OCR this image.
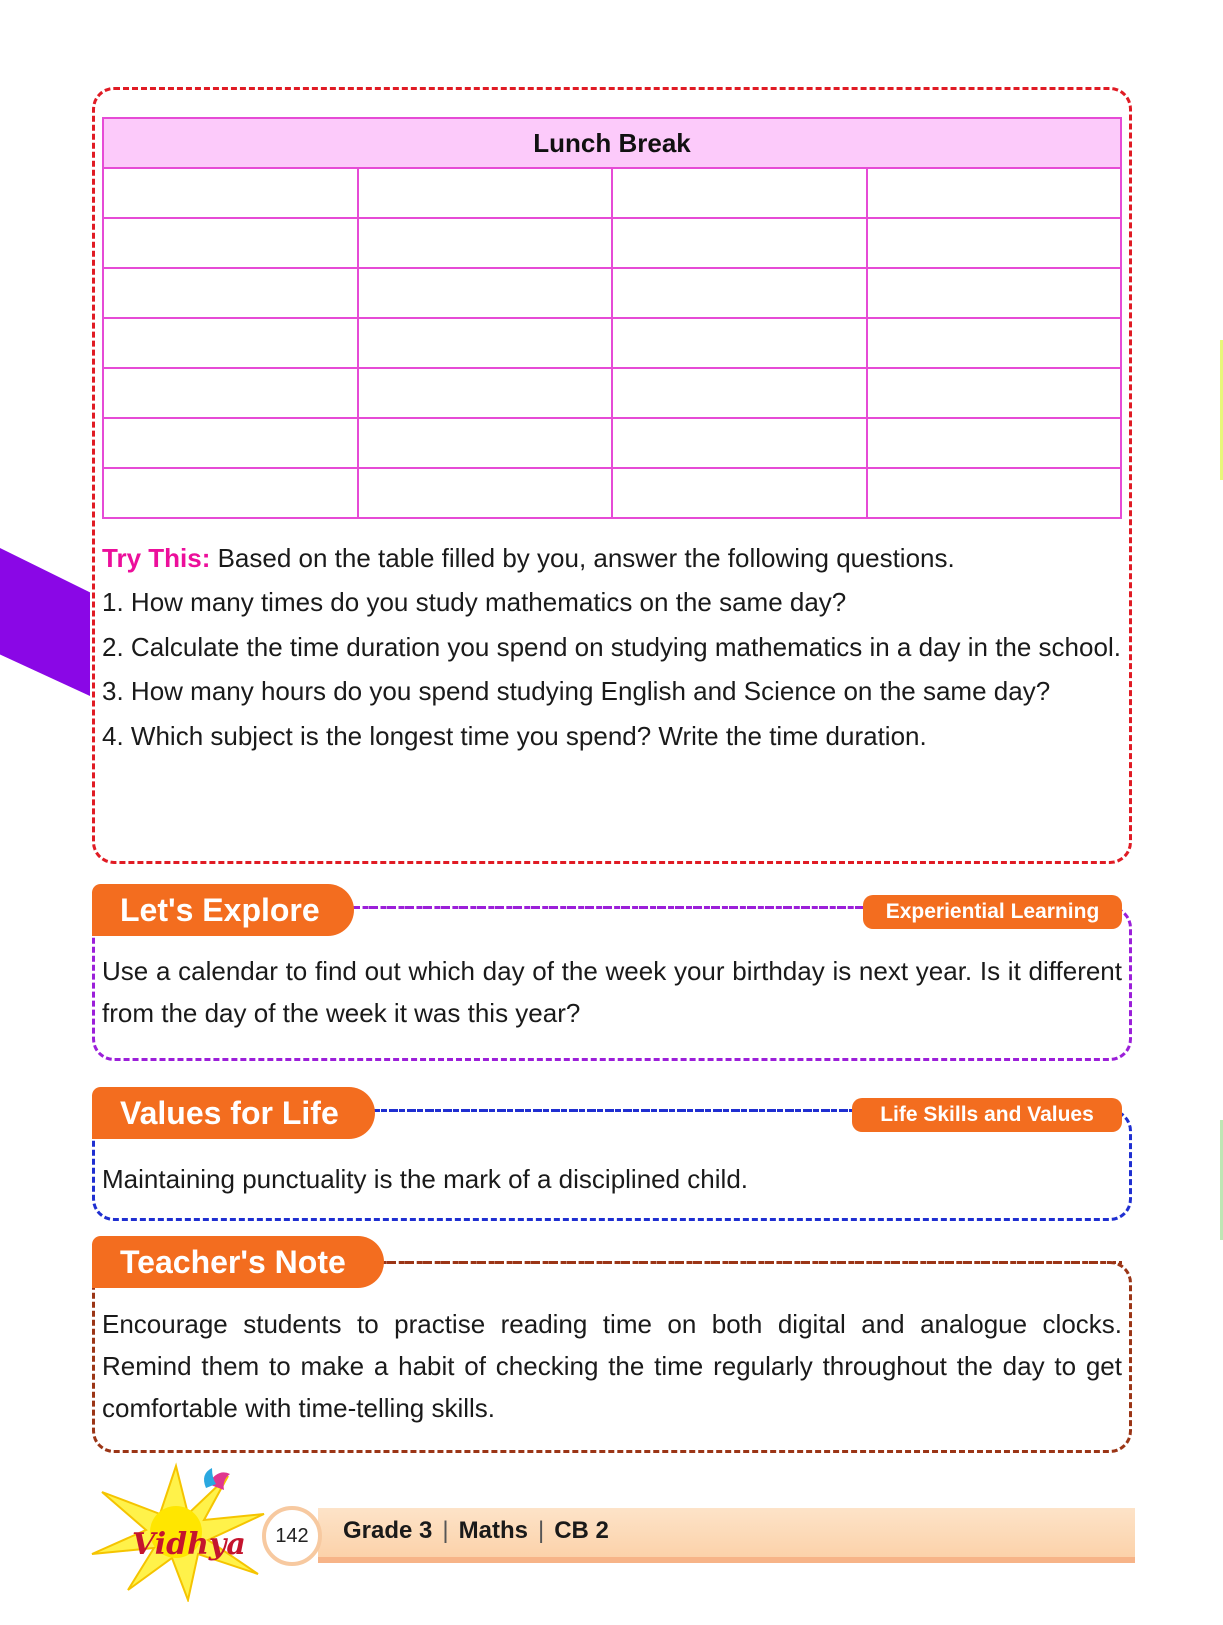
Lunch Break			

Try This: Based on the table filled by you, answer the following questions.

1. How many times do you study mathematics on the same day?

2. Calculate the time duration you spend on studying mathematics in a day in the school.

3. How many hours do you spend studying English and Science on the same day?

4. Which subject is the longest time you spend? Write the time duration.

Let's Explore	Experiential Learning
Use a calendar to find out which day of the week your birthday is next year. Is it different from the day of the week it was this year?
Values for Life	Life Skills and Values
Maintaining punctuality is the mark of a disciplined child.
Teacher's Note
Encourage students to practise reading time on both digital and analogue clocks. Remind them to make a habit of checking the time regularly throughout the day to get comfortable with time-telling skills.
Vidhya	142	Grade 3 | Maths | CB 2
